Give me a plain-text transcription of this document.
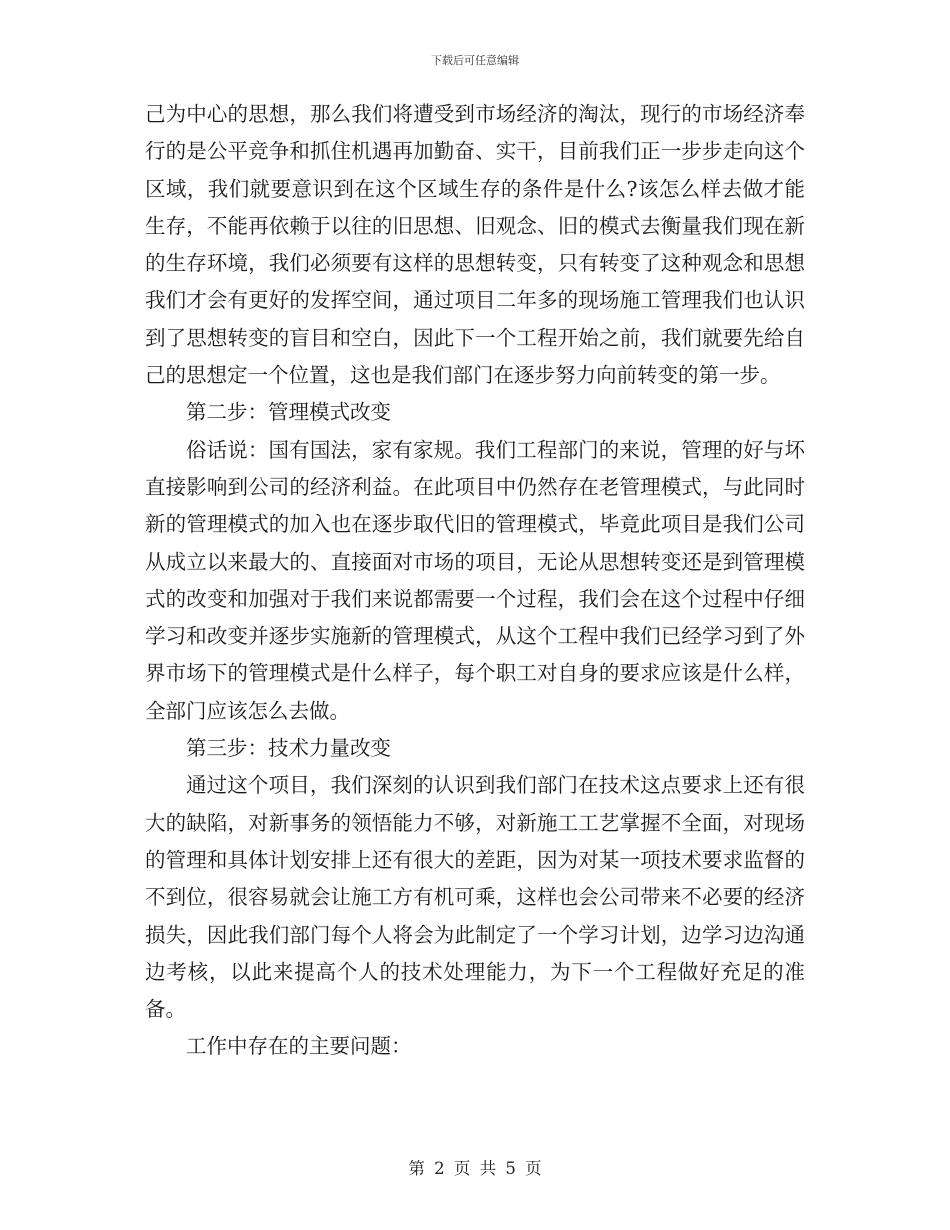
下载后可任意编辑

己为中心的思想，那么我们将遭受到市场经济的淘汰，现行的市场经济奉行的是公平竞争和抓住机遇再加勤奋、实干，目前我们正一步步走向这个区域，我们就要意识到在这个区域生存的条件是什么?该怎么样去做才能生存，不能再依赖于以往的旧思想、旧观念、旧的模式去衡量我们现在新的生存环境，我们必须要有这样的思想转变，只有转变了这种观念和思想我们才会有更好的发挥空间，通过项目二年多的现场施工管理我们也认识到了思想转变的盲目和空白，因此下一个工程开始之前，我们就要先给自己的思想定一个位置，这也是我们部门在逐步努力向前转变的第一步。

第二步：管理模式改变

俗话说：国有国法，家有家规。我们工程部门的来说，管理的好与坏直接影响到公司的经济利益。在此项目中仍然存在老管理模式，与此同时新的管理模式的加入也在逐步取代旧的管理模式，毕竟此项目是我们公司从成立以来最大的、直接面对市场的项目，无论从思想转变还是到管理模式的改变和加强对于我们来说都需要一个过程，我们会在这个过程中仔细学习和改变并逐步实施新的管理模式，从这个工程中我们已经学习到了外界市场下的管理模式是什么样子，每个职工对自身的要求应该是什么样，全部门应该怎么去做。

第三步：技术力量改变

通过这个项目，我们深刻的认识到我们部门在技术这点要求上还有很大的缺陷，对新事务的领悟能力不够，对新施工工艺掌握不全面，对现场的管理和具体计划安排上还有很大的差距，因为对某一项技术要求监督的不到位，很容易就会让施工方有机可乘，这样也会公司带来不必要的经济损失，因此我们部门每个人将会为此制定了一个学习计划，边学习边沟通边考核，以此来提高个人的技术处理能力，为下一个工程做好充足的准备。

工作中存在的主要问题：

第 2 页 共 5 页
